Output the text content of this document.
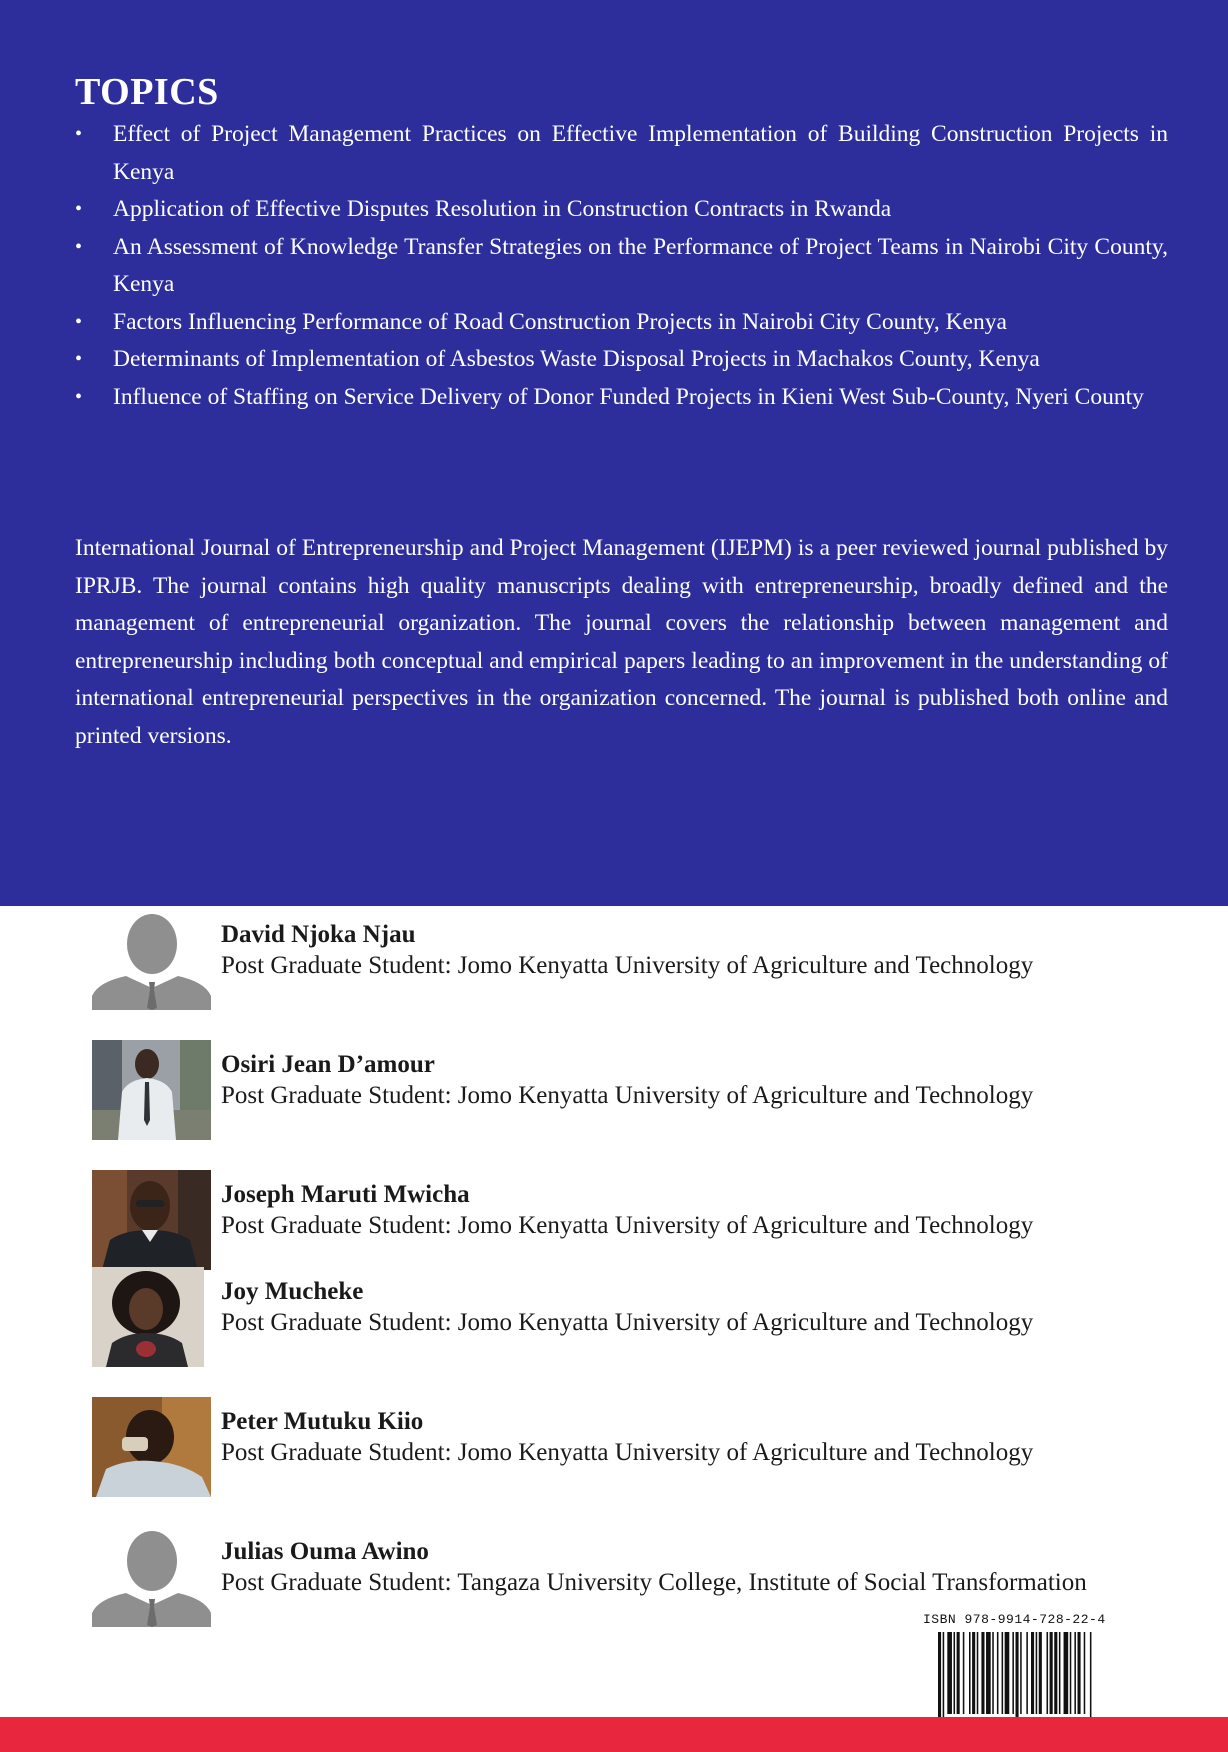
TOPICS
• Effect of Project Management Practices on Effective Implementation of Building Construction Projects in Kenya
• Application of Effective Disputes Resolution in Construction Contracts in Rwanda
• An Assessment of Knowledge Transfer Strategies on the Performance of Project Teams in Nairobi City County, Kenya
• Factors Influencing Performance of Road Construction Projects in Nairobi City County, Kenya
• Determinants of Implementation of Asbestos Waste Disposal Projects in Machakos County, Kenya
• Influence of Staffing on Service Delivery of Donor Funded Projects in Kieni West Sub-County, Nyeri County

International Journal of Entrepreneurship and Project Management (IJEPM) is a peer reviewed journal published by IPRJB. The journal contains high quality manuscripts dealing with entrepreneurship, broadly defined and the management of entrepreneurial organization. The journal covers the relationship between management and entrepreneurship including both conceptual and empirical papers leading to an improvement in the understanding of international entrepreneurial perspectives in the organization concerned. The journal is published both online and printed versions.

David Njoka Njau
Post Graduate Student: Jomo Kenyatta University of Agriculture and Technology
Osiri Jean D’amour
Post Graduate Student: Jomo Kenyatta University of Agriculture and Technology
Joseph Maruti Mwicha
Post Graduate Student: Jomo Kenyatta University of Agriculture and Technology
Joy Mucheke
Post Graduate Student: Jomo Kenyatta University of Agriculture and Technology
Peter Mutuku Kiio
Post Graduate Student: Jomo Kenyatta University of Agriculture and Technology
Julias Ouma Awino
Post Graduate Student: Tangaza University College, Institute of Social Transformation
ISBN 978-9914-728-22-4
